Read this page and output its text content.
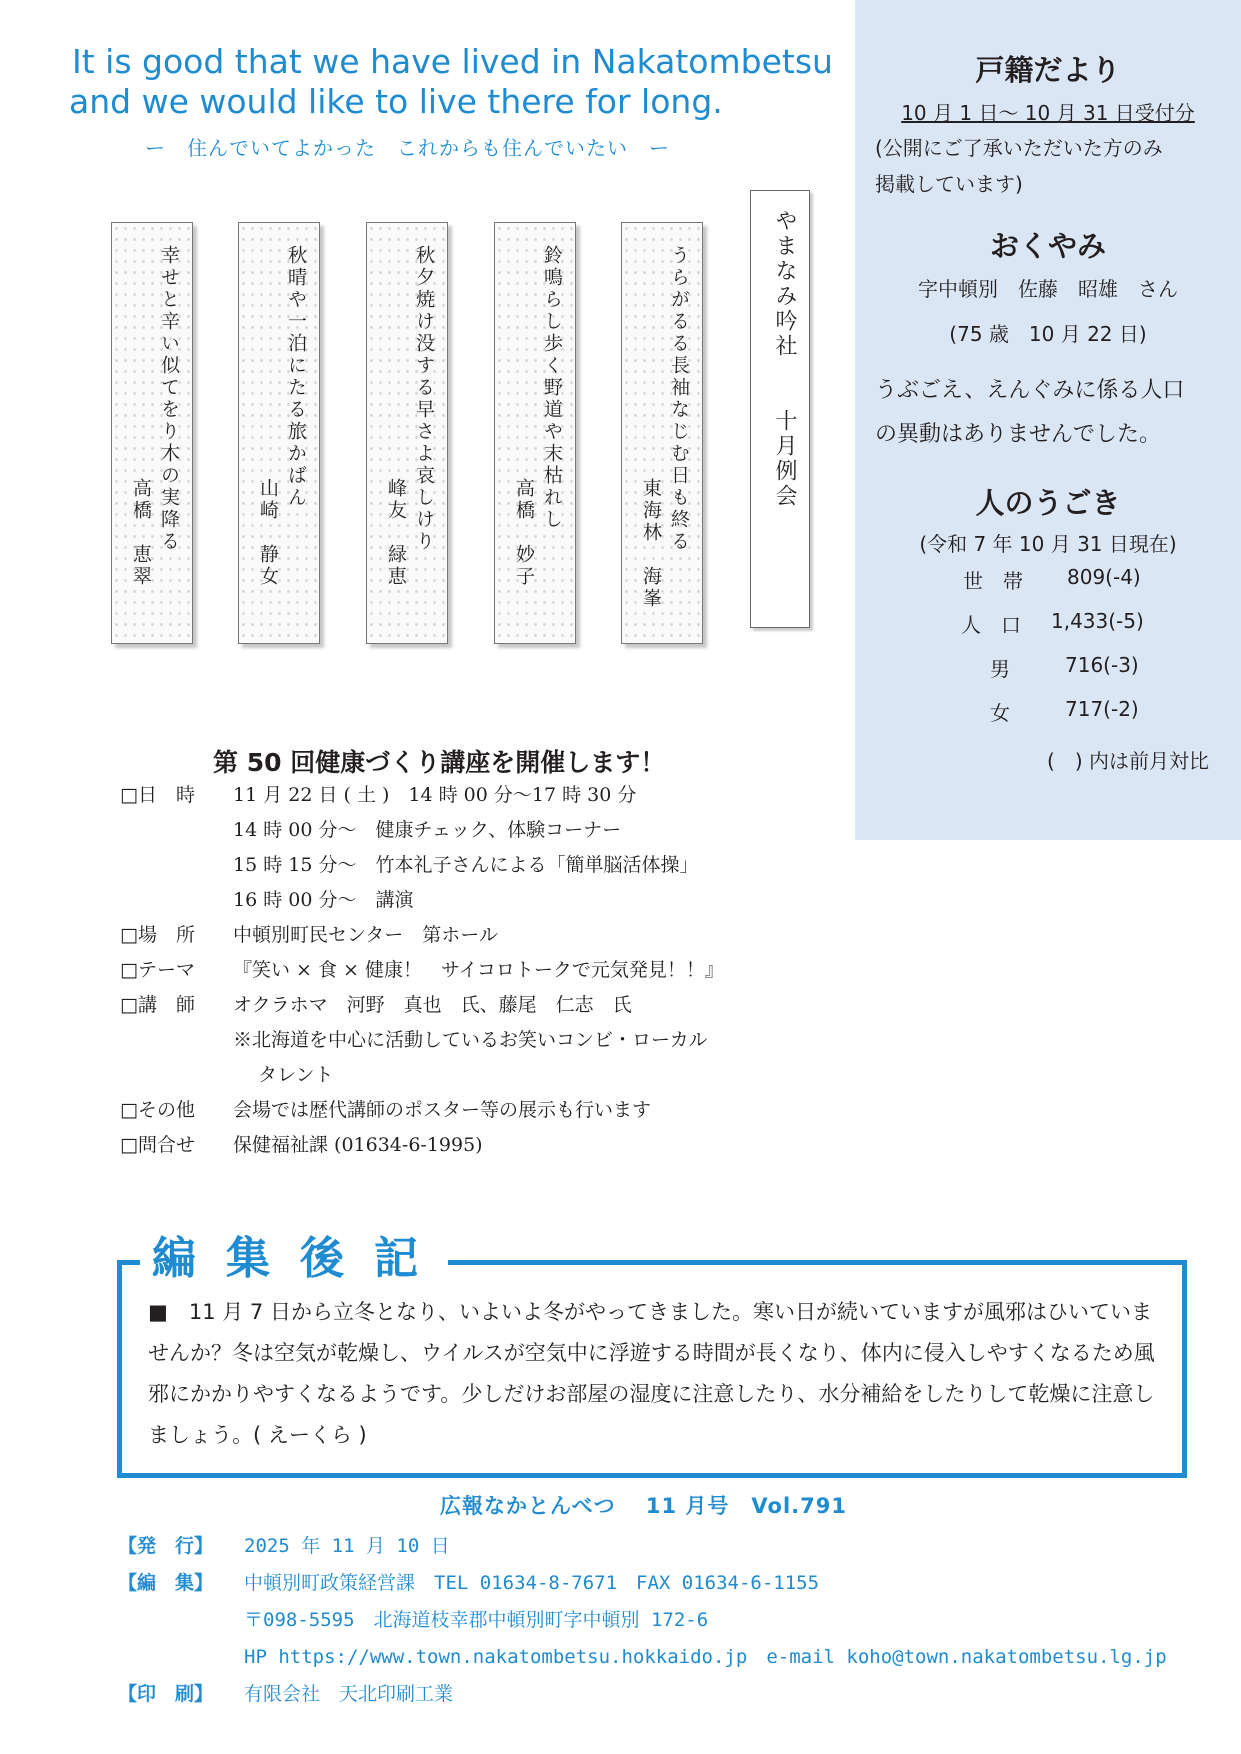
It is good that we have lived in Nakatombetsu
and we would like to live there for long.
ー　住んでいてよかった　これからも住んでいたい　ー
幸せと辛い似てをり木の実降る
高橋　恵翠
秋晴や一泊にたる旅かばん
山崎　静女	秋夕焼け没する早さよ哀しけり
峰友　緑恵
鈴鳴らし歩く野道や末枯れし
高橋　妙子	うらがるる長袖なじむ日も終る
東海林　海峯
やまなみ吟社　　十月例会
戸籍だより
10 月 1 日～ 10 月 31 日受付分
(公開にご了承いただいた方のみ
掲載しています)
おくやみ
字中頓別　佐藤　昭雄　さん
(75 歳　10 月 22 日)
うぶごえ、えんぐみに係る人口
の異動はありませんでした。
人のうごき
(令和 7 年 10 月 31 日現在)
世　帯 809(-4)
人　口 1,433(-5)
男	716(-3)
女	717(-2)
(　) 内は前月対比
第 50 回健康づくり講座を開催します！
□日　時 11 月 22 日 ( 土 )　14 時 00 分～17 時 30 分
14 時 00 分～　健康チェック、体験コーナー
15 時 15 分～　竹本礼子さんによる「簡単脳活体操」
16 時 00 分～　講演
□場　所 中頓別町民センター　第ホール
□テーマ 『笑い × 食 × 健康！　サイコロトークで元気発見！！』
□講　師 オクラホマ　河野　真也　氏、藤尾　仁志　氏
※北海道を中心に活動しているお笑いコンビ・ローカル
タレント
□その他 会場では歴代講師のポスター等の展示も行います
□問合せ 保健福祉課 (01634-6-1995)
編 集 後 記
■　11 月 7 日から立冬となり、いよいよ冬がやってきました。寒い日が続いていますが風邪はひいていませんか？冬は空気が乾燥し、ウイルスが空気中に浮遊する時間が長くなり、体内に侵入しやすくなるため風邪にかかりやすくなるようです。少しだけお部屋の湿度に注意したり、水分補給をしたりして乾燥に注意しましょう。( えーくら )
広報なかとんべつ　 11 月号　Vol.791
【発　行】 2025 年 11 月 10 日
【編　集】 中頓別町政策経営課　TEL 01634-8-7671　FAX 01634-6-1155
〒098-5595　北海道枝幸郡中頓別町字中頓別 172-6
HP https://www.town.nakatombetsu.hokkaido.jp　e-mail koho@town.nakatombetsu.lg.jp
【印　刷】 有限会社　天北印刷工業
